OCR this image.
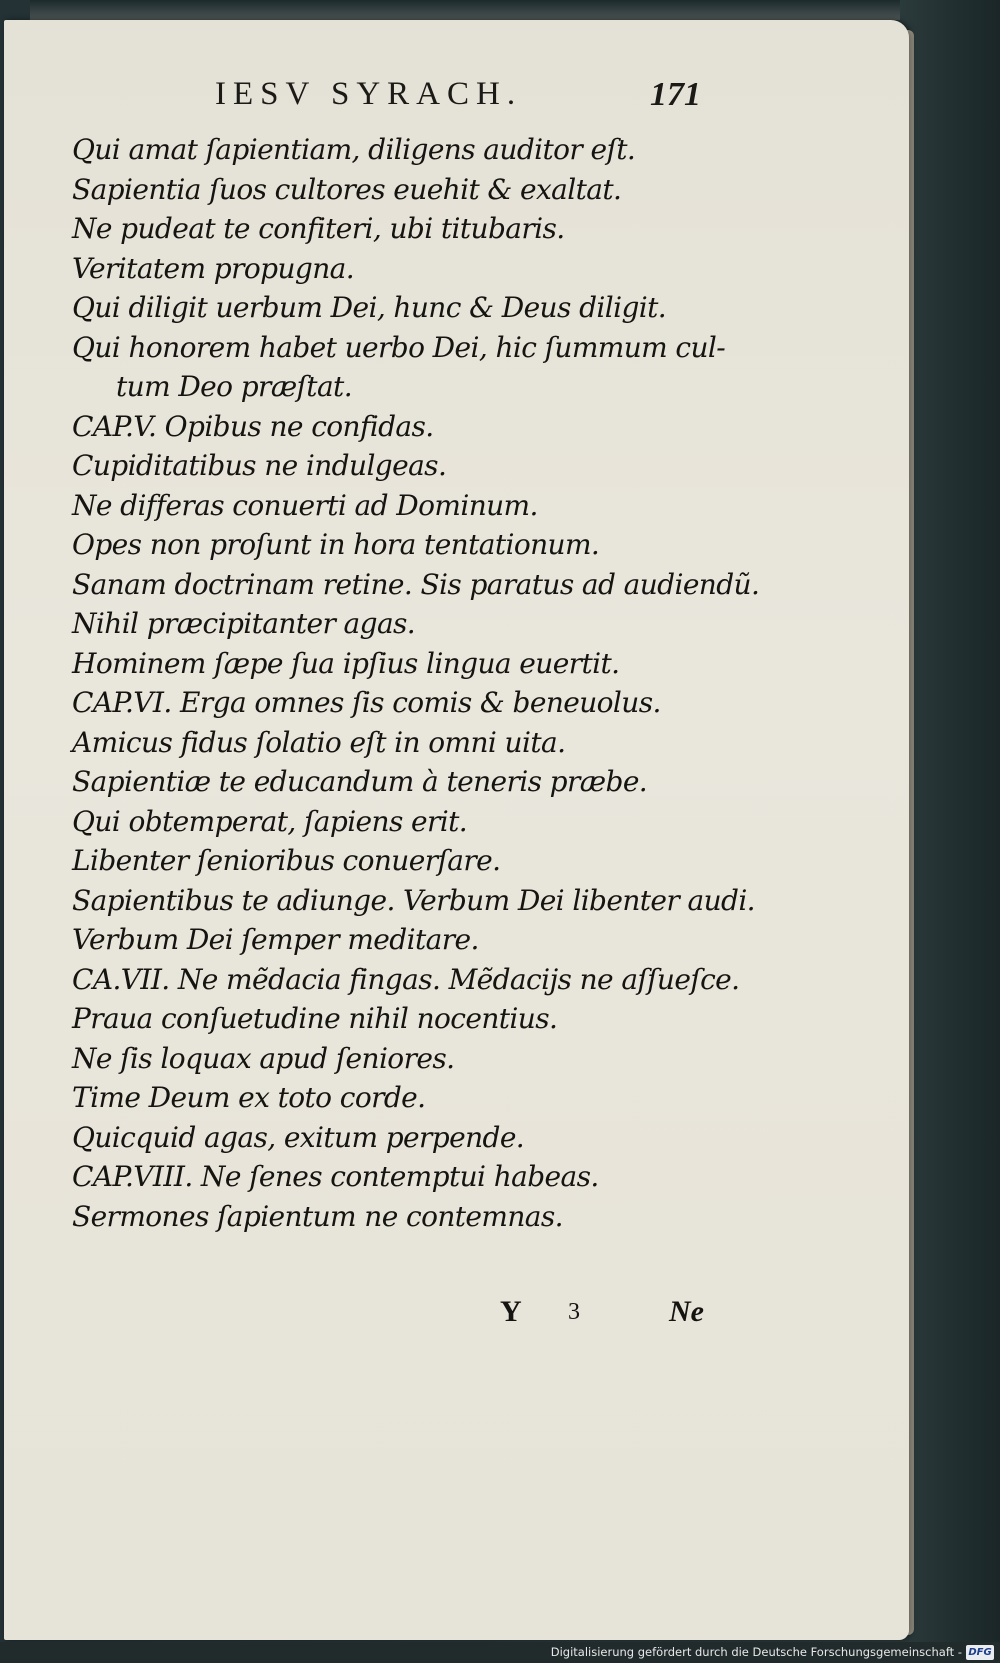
IESV SYRACH.	171
Qui amat ſapientiam, diligens auditor eſt.
Sapientia ſuos cultores euehit & exaltat.
Ne pudeat te confiteri, ubi titubaris.
Veritatem propugna.
Qui diligit uerbum Dei, hunc & Deus diligit.
Qui honorem habet uerbo Dei, hic ſummum cul-
tum Deo præſtat.
CAP.V. Opibus ne confidas.
Cupiditatibus ne indulgeas.
Ne differas conuerti ad Dominum.
Opes non proſunt in hora tentationum.
Sanam doctrinam retine. Sis paratus ad audiendũ.
Nihil præcipitanter agas.
Hominem ſæpe ſua ipſius lingua euertit.
CAP.VI. Erga omnes ſis comis & beneuolus.
Amicus fidus ſolatio eſt in omni uita.
Sapientiæ te educandum à teneris præbe.
Qui obtemperat, ſapiens erit.
Libenter ſenioribus conuerſare.
Sapientibus te adiunge. Verbum Dei libenter audi.
Verbum Dei ſemper meditare.
CA.VII. Ne mẽdacia fingas. Mẽdacijs ne aſſueſce.
Praua conſuetudine nihil nocentius.
Ne ſis loquax apud ſeniores.
Time Deum ex toto corde.
Quicquid agas, exitum perpende.
CAP.VIII. Ne ſenes contemptui habeas.
Sermones ſapientum ne contemnas.
Y 3	Ne
Digitalisierung gefördert durch die Deutsche Forschungsgemeinschaft - DFG
